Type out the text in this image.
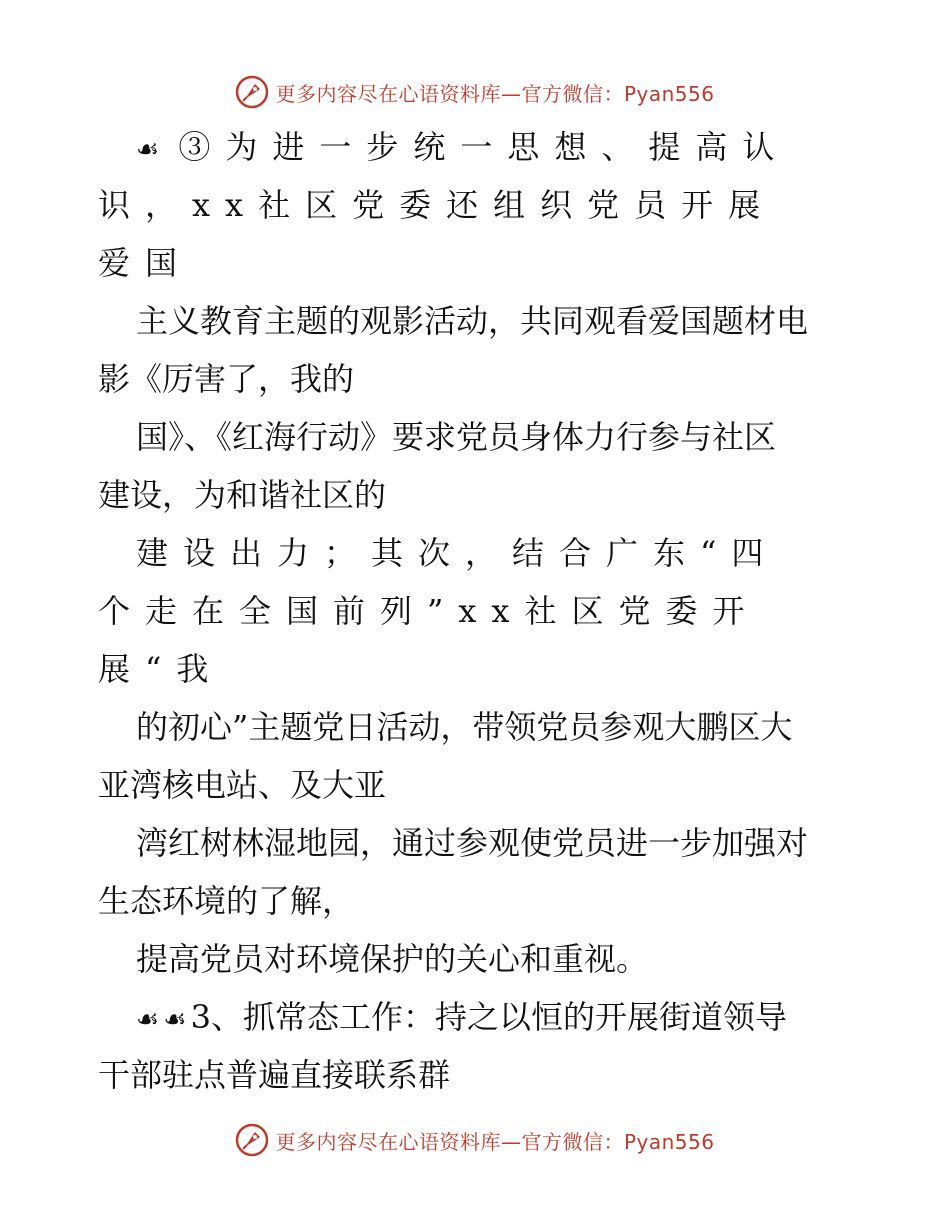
更多内容尽在心语资料库—官方微信：Pyan556
☙ ③为进一步统一思想、提高认
识，xx社区党委还组织党员开展
爱国
主义教育主题的观影活动，共同观看爱国题材电
影《厉害了，我的
国》、《红海行动》要求党员身体力行参与社区
建设，为和谐社区的
建设出力；其次，结合广东“四
个走在全国前列”xx社区党委开
展“我
的初心”主题党日活动，带领党员参观大鹏区大
亚湾核电站、及大亚
湾红树林湿地园，通过参观使党员进一步加强对
生态环境的了解，
提高党员对环境保护的关心和重视。
☙ ☙ 3、抓常态工作：持之以恒的开展街道领导
干部驻点普遍直接联系群
更多内容尽在心语资料库—官方微信：Pyan556
